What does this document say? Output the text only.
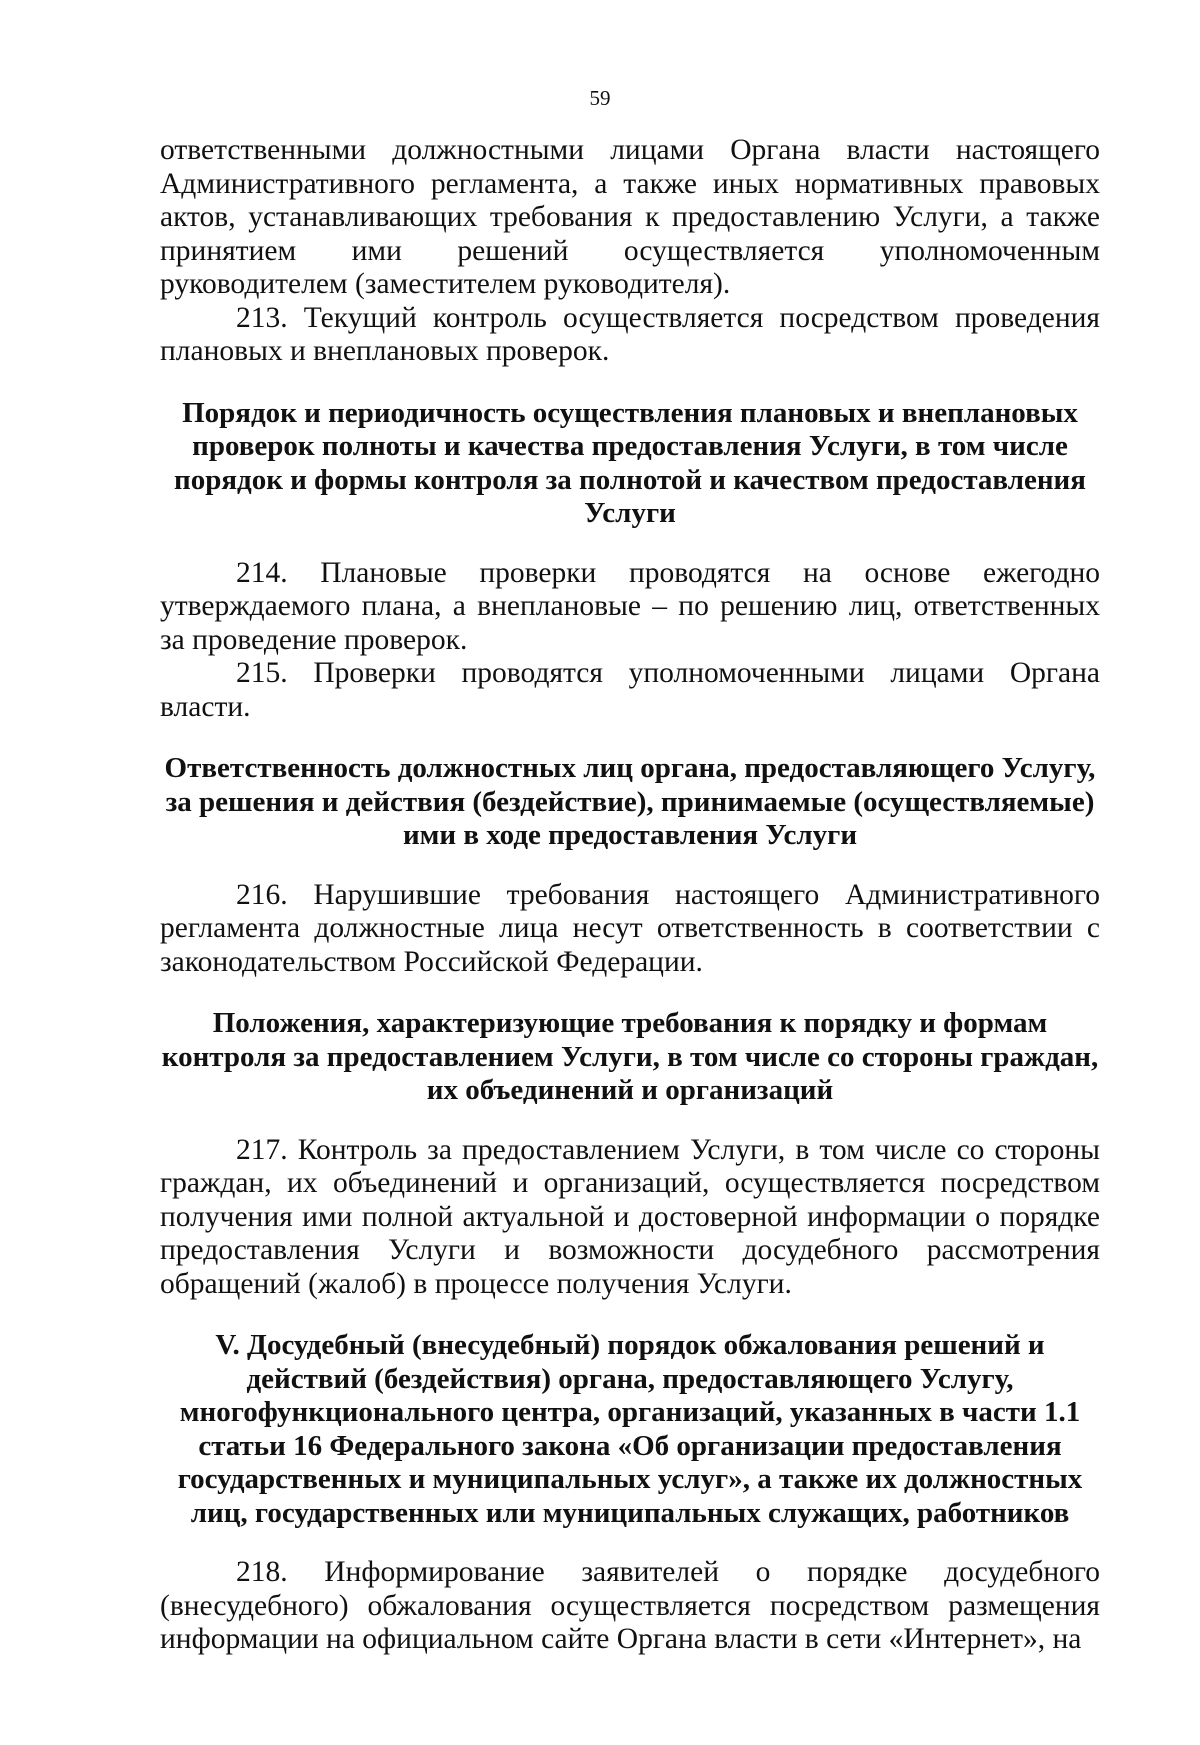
59

ответственными должностными лицами Органа власти настоящего Административного регламента, а также иных нормативных правовых актов, устанавливающих требования к предоставлению Услуги, а также принятием ими решений осуществляется уполномоченным руководителем (заместителем руководителя).

213. Текущий контроль осуществляется посредством проведения плановых и внеплановых проверок.

Порядок и периодичность осуществления плановых и внеплановых проверок полноты и качества предоставления Услуги, в том числе порядок и формы контроля за полнотой и качеством предоставления Услуги

214. Плановые проверки проводятся на основе ежегодно утверждаемого плана, а внеплановые – по решению лиц, ответственных за проведение проверок.

215. Проверки проводятся уполномоченными лицами Органа власти.

Ответственность должностных лиц органа, предоставляющего Услугу, за решения и действия (бездействие), принимаемые (осуществляемые) ими в ходе предоставления Услуги

216. Нарушившие требования настоящего Административного регламента должностные лица несут ответственность в соответствии с законодательством Российской Федерации.

Положения, характеризующие требования к порядку и формам контроля за предоставлением Услуги, в том числе со стороны граждан, их объединений и организаций

217. Контроль за предоставлением Услуги, в том числе со стороны граждан, их объединений и организаций, осуществляется посредством получения ими полной актуальной и достоверной информации о порядке предоставления Услуги и возможности досудебного рассмотрения обращений (жалоб) в процессе получения Услуги.

V. Досудебный (внесудебный) порядок обжалования решений и действий (бездействия) органа, предоставляющего Услугу, многофункционального центра, организаций, указанных в части 1.1 статьи 16 Федерального закона «Об организации предоставления государственных и муниципальных услуг», а также их должностных лиц, государственных или муниципальных служащих, работников

218. Информирование заявителей о порядке досудебного (внесудебного) обжалования осуществляется посредством размещения информации на официальном сайте Органа власти в сети «Интернет», на
